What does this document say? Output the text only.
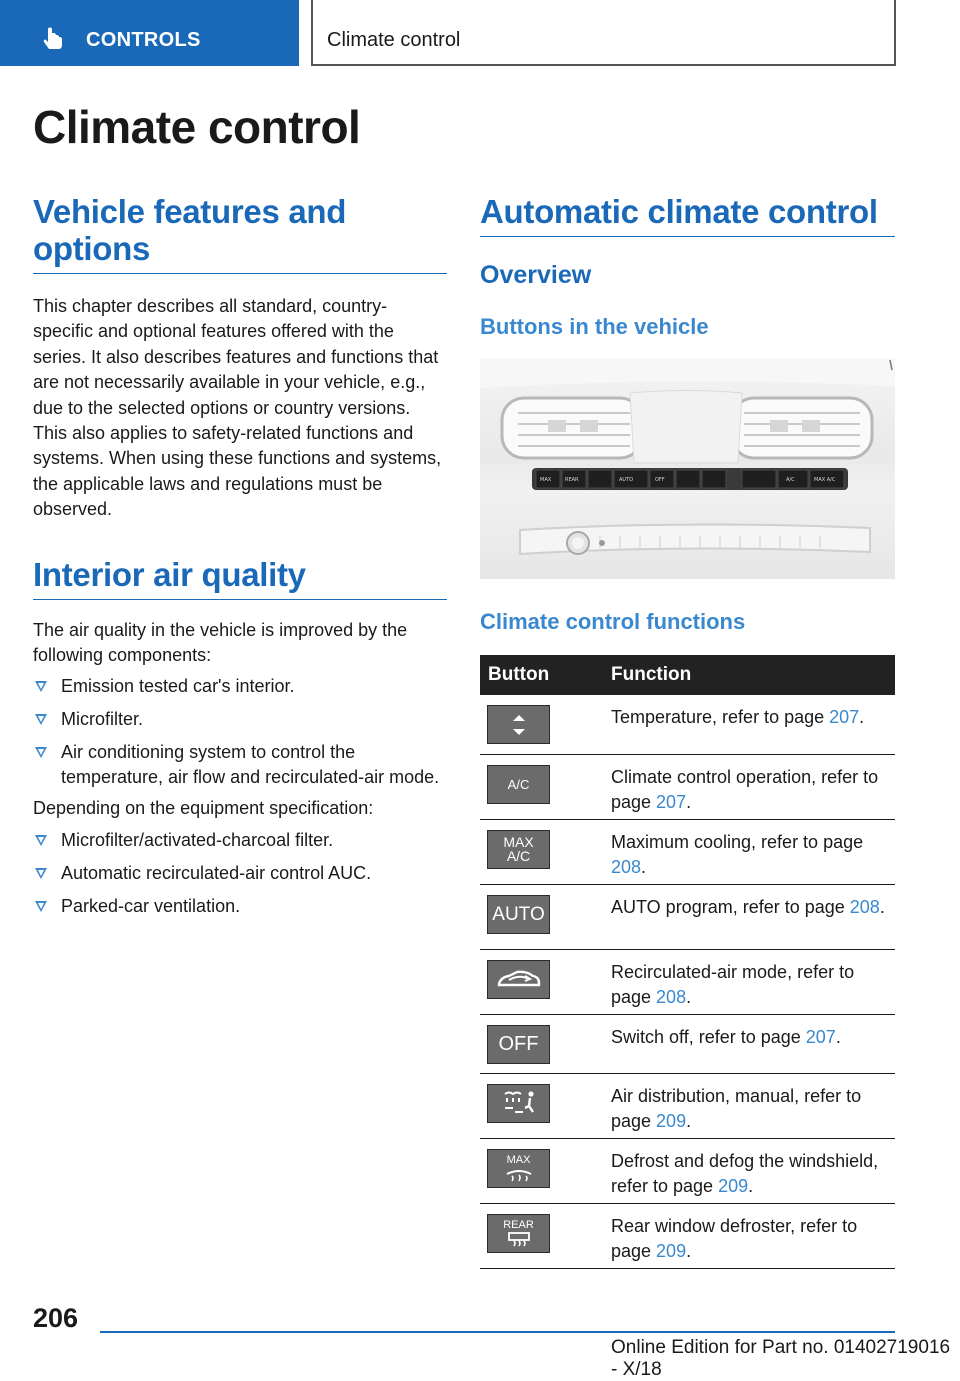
CONTROLS	Climate control
Climate control
Vehicle features and options

This chapter describes all standard, country-specific and optional features offered with the series. It also describes features and functions that are not necessarily available in your vehicle, e.g., due to the selected options or country versions. This also applies to safety-related functions and systems. When using these functions and systems, the applicable laws and regulations must be observed.

Interior air quality

The air quality in the vehicle is improved by the following components:

Emission tested car's interior.
Microfilter.
Air conditioning system to control the temperature, air flow and recirculated-air mode.

Depending on the equipment specification:

Microfilter/activated-charcoal filter.
Automatic recirculated-air control AUC.
Parked-car ventilation.
Automatic climate control
Overview
Buttons in the vehicle
MAX	REAR	AUTO	OFF	A/C	MAX A/C
Climate control functions
Button	Function

	Temperature, refer to page 207.

A/C	Climate control operation, refer to page 207.

MAX A/C	Maximum cooling, refer to page 208.

AUTO	AUTO program, refer to page 208.

	Recirculated-air mode, refer to page 208.

OFF	Switch off, refer to page 207.

	Air distribution, manual, refer to page 209.

MAX	Defrost and defog the windshield, refer to page 209.

REAR	Rear window defroster, refer to page 209.
206
Online Edition for Part no. 01402719016 - X/18
